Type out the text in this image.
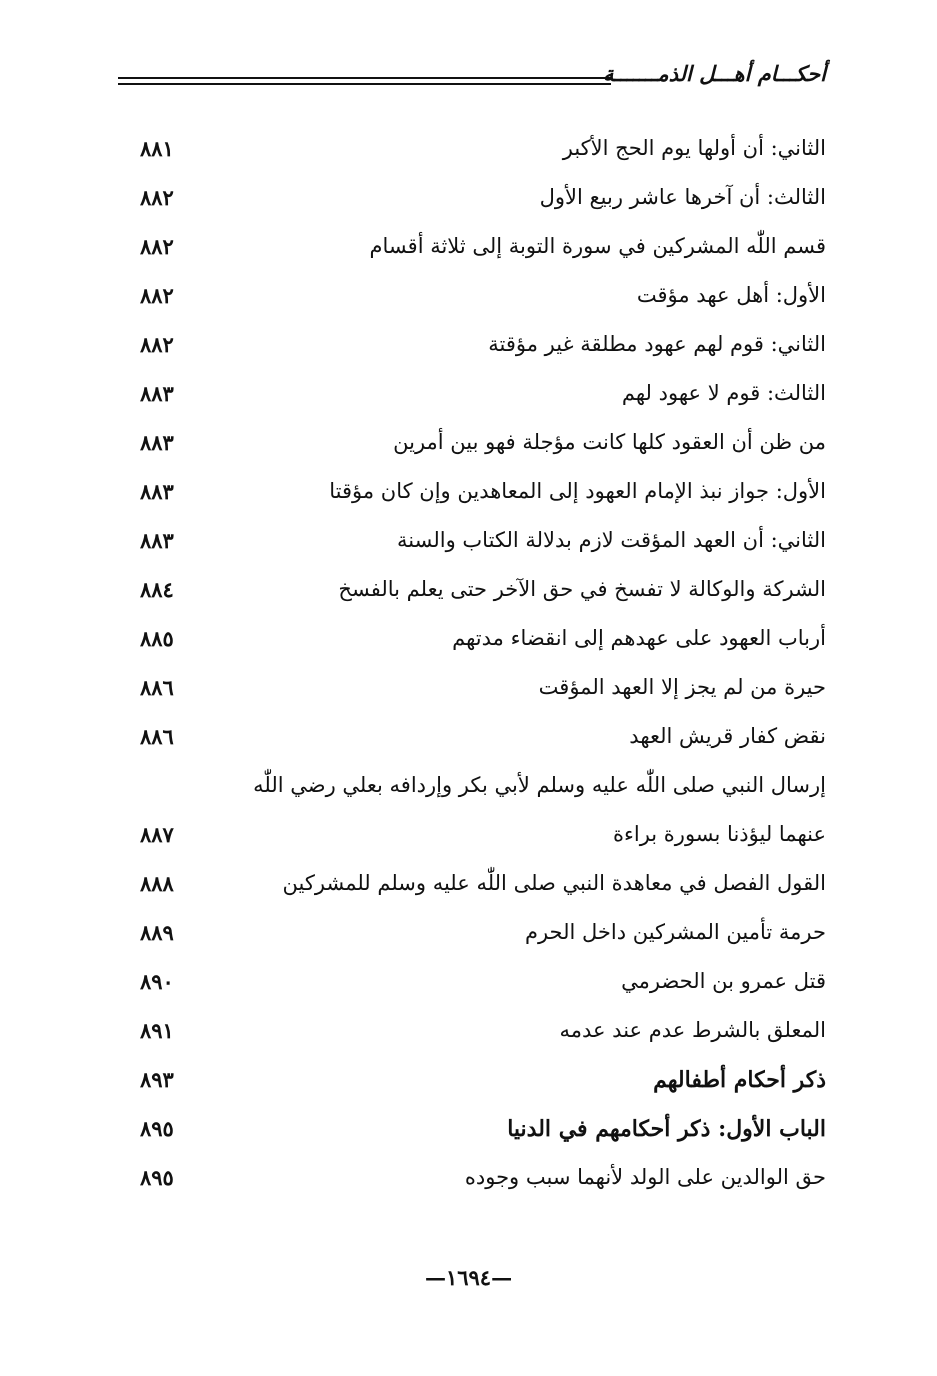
أحكـــام أهـــل الذمـــــــة
الثاني: أن أولها يوم الحج الأكبر
٨٨١
الثالث: أن آخرها عاشر ربيع الأول
٨٨٢
قسم اللّٰه المشركين في سورة التوبة إلى ثلاثة أقسام
٨٨٢
الأول: أهل عهد مؤقت
٨٨٢
الثاني: قوم لهم عهود مطلقة غير مؤقتة
٨٨٢
الثالث: قوم لا عهود لهم
٨٨٣
من ظن أن العقود كلها كانت مؤجلة فهو بين أمرين
٨٨٣
الأول: جواز نبذ الإمام العهود إلى المعاهدين وإن كان مؤقتا
٨٨٣
الثاني: أن العهد المؤقت لازم بدلالة الكتاب والسنة
٨٨٣
الشركة والوكالة لا تفسخ في حق الآخر حتى يعلم بالفسخ
٨٨٤
أرباب العهود على عهدهم إلى انقضاء مدتهم
٨٨٥
حيرة من لم يجز إلا العهد المؤقت
٨٨٦
نقض كفار قريش العهد
٨٨٦
إرسال النبي صلى اللّٰه عليه وسلم لأبي بكر وإردافه بعلي رضي اللّٰه
عنهما ليؤذنا بسورة براءة
٨٨٧
القول الفصل في معاهدة النبي صلى اللّٰه عليه وسلم للمشركين
٨٨٨
حرمة تأمين المشركين داخل الحرم
٨٨٩
قتل عمرو بن الحضرمي
٨٩٠
المعلق بالشرط عدم عند عدمه
٨٩١
ذكر أحكام أطفالهم
٨٩٣
الباب الأول: ذكر أحكامهم في الدنيا
٨٩٥
حق الوالدين على الولد لأنهما سبب وجوده
٨٩٥
—١٦٩٤—
